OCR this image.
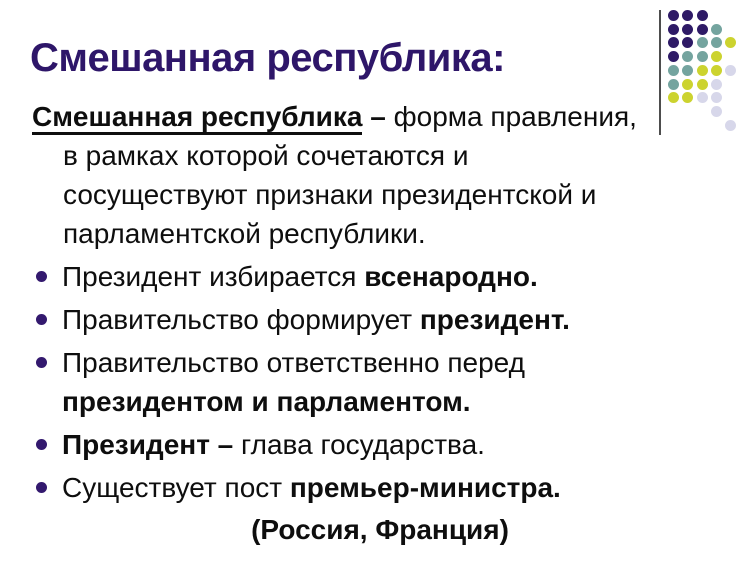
Смешанная республика:

Смешанная республика – форма правления,
в рамках которой сочетаются и
сосуществуют признаки президентской и
парламентской республики.

Президент избирается всенародно.
Правительство формирует президент.
Правительство ответственно перед
президентом и парламентом.
Президент – глава государства.
Существует пост премьер-министра.
(Россия, Франция)
